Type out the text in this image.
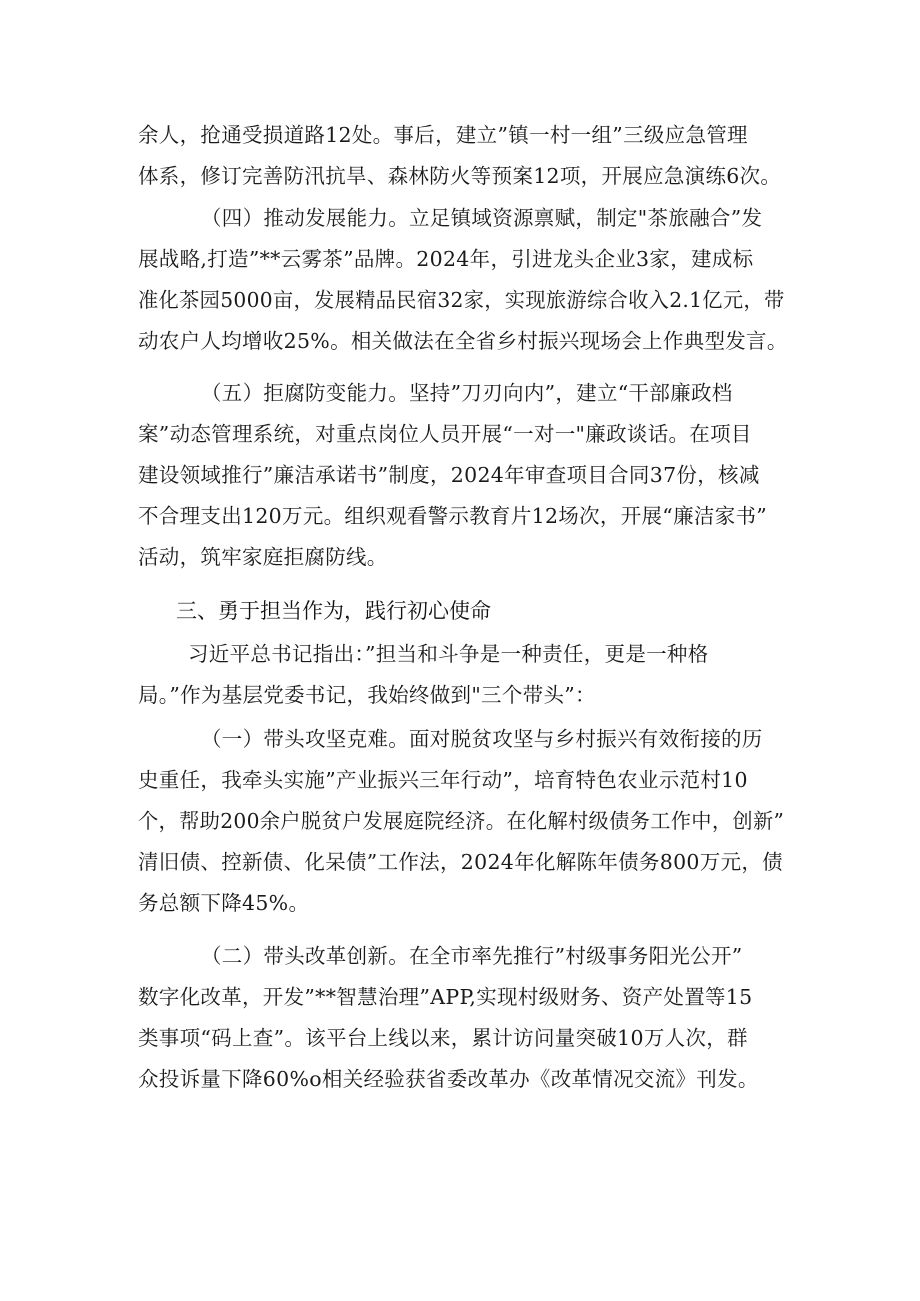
余人，抢通受损道路12处。事后，建立”镇一村一组”三级应急管理
体系，修订完善防汛抗旱、森林防火等预案12项，开展应急演练6次。

（四）推动发展能力。立足镇域资源禀赋，制定"茶旅融合”发
展战略,打造”**云雾茶”品牌。2024年，引进龙头企业3家，建成标
准化茶园5000亩，发展精品民宿32家，实现旅游综合收入2.1亿元，带
动农户人均增收25%。相关做法在全省乡村振兴现场会上作典型发言。

（五）拒腐防变能力。坚持”刀刃向内”，建立“干部廉政档
案”动态管理系统，对重点岗位人员开展“一对一"廉政谈话。在项目
建设领域推行”廉洁承诺书”制度，2024年审查项目合同37份，核减
不合理支出120万元。组织观看警示教育片12场次，开展“廉洁家书”
活动，筑牢家庭拒腐防线。

三、勇于担当作为，践行初心使命

习近平总书记指出：”担当和斗争是一种责任，更是一种格
局。”作为基层党委书记，我始终做到"三个带头”：

（一）带头攻坚克难。面对脱贫攻坚与乡村振兴有效衔接的历
史重任，我牵头实施”产业振兴三年行动”，培育特色农业示范村10
个，帮助200余户脱贫户发展庭院经济。在化解村级债务工作中，创新”
清旧债、控新债、化呆债”工作法，2024年化解陈年债务800万元，债
务总额下降45%。

（二）带头改革创新。在全市率先推行”村级事务阳光公开”
数字化改革，开发”**智慧治理”APP,实现村级财务、资产处置等15
类事项“码上查”。该平台上线以来，累计访问量突破10万人次，群
众投诉量下降60%o相关经验获省委改革办《改革情况交流》刊发。
